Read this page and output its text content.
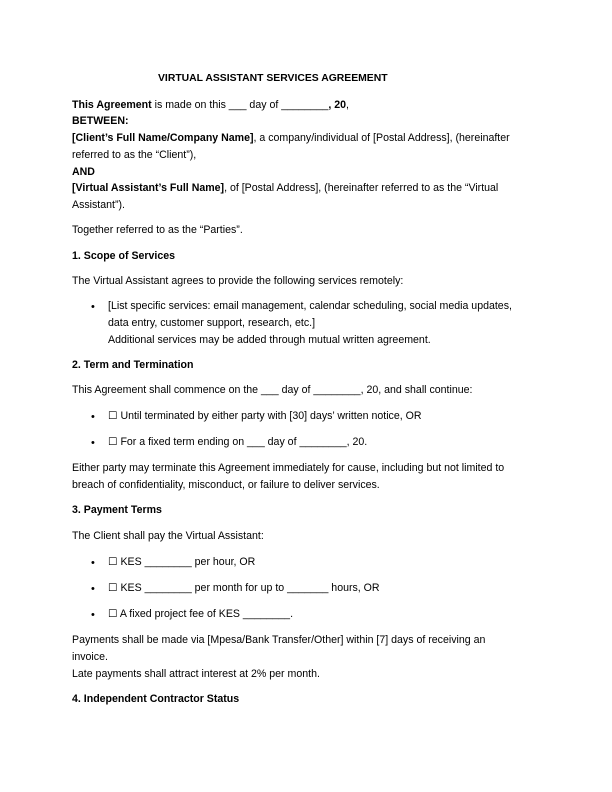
VIRTUAL ASSISTANT SERVICES AGREEMENT
This Agreement is made on this ___ day of ________, 20,
BETWEEN:
[Client’s Full Name/Company Name], a company/individual of [Postal Address], (hereinafter
referred to as the “Client”),
AND
[Virtual Assistant’s Full Name], of [Postal Address], (hereinafter referred to as the “Virtual
Assistant”).
Together referred to as the “Parties”.
1. Scope of Services
The Virtual Assistant agrees to provide the following services remotely:
• [List specific services: email management, calendar scheduling, social media updates,
data entry, customer support, research, etc.]
Additional services may be added through mutual written agreement.
2. Term and Termination
This Agreement shall commence on the ___ day of ________, 20, and shall continue:
• ☐ Until terminated by either party with [30] days’ written notice, OR
• ☐ For a fixed term ending on ___ day of ________, 20.
Either party may terminate this Agreement immediately for cause, including but not limited to
breach of confidentiality, misconduct, or failure to deliver services.
3. Payment Terms
The Client shall pay the Virtual Assistant:
• ☐ KES ________ per hour, OR
• ☐ KES ________ per month for up to _______ hours, OR
• ☐ A fixed project fee of KES ________.
Payments shall be made via [Mpesa/Bank Transfer/Other] within [7] days of receiving an
invoice.
Late payments shall attract interest at 2% per month.
4. Independent Contractor Status
